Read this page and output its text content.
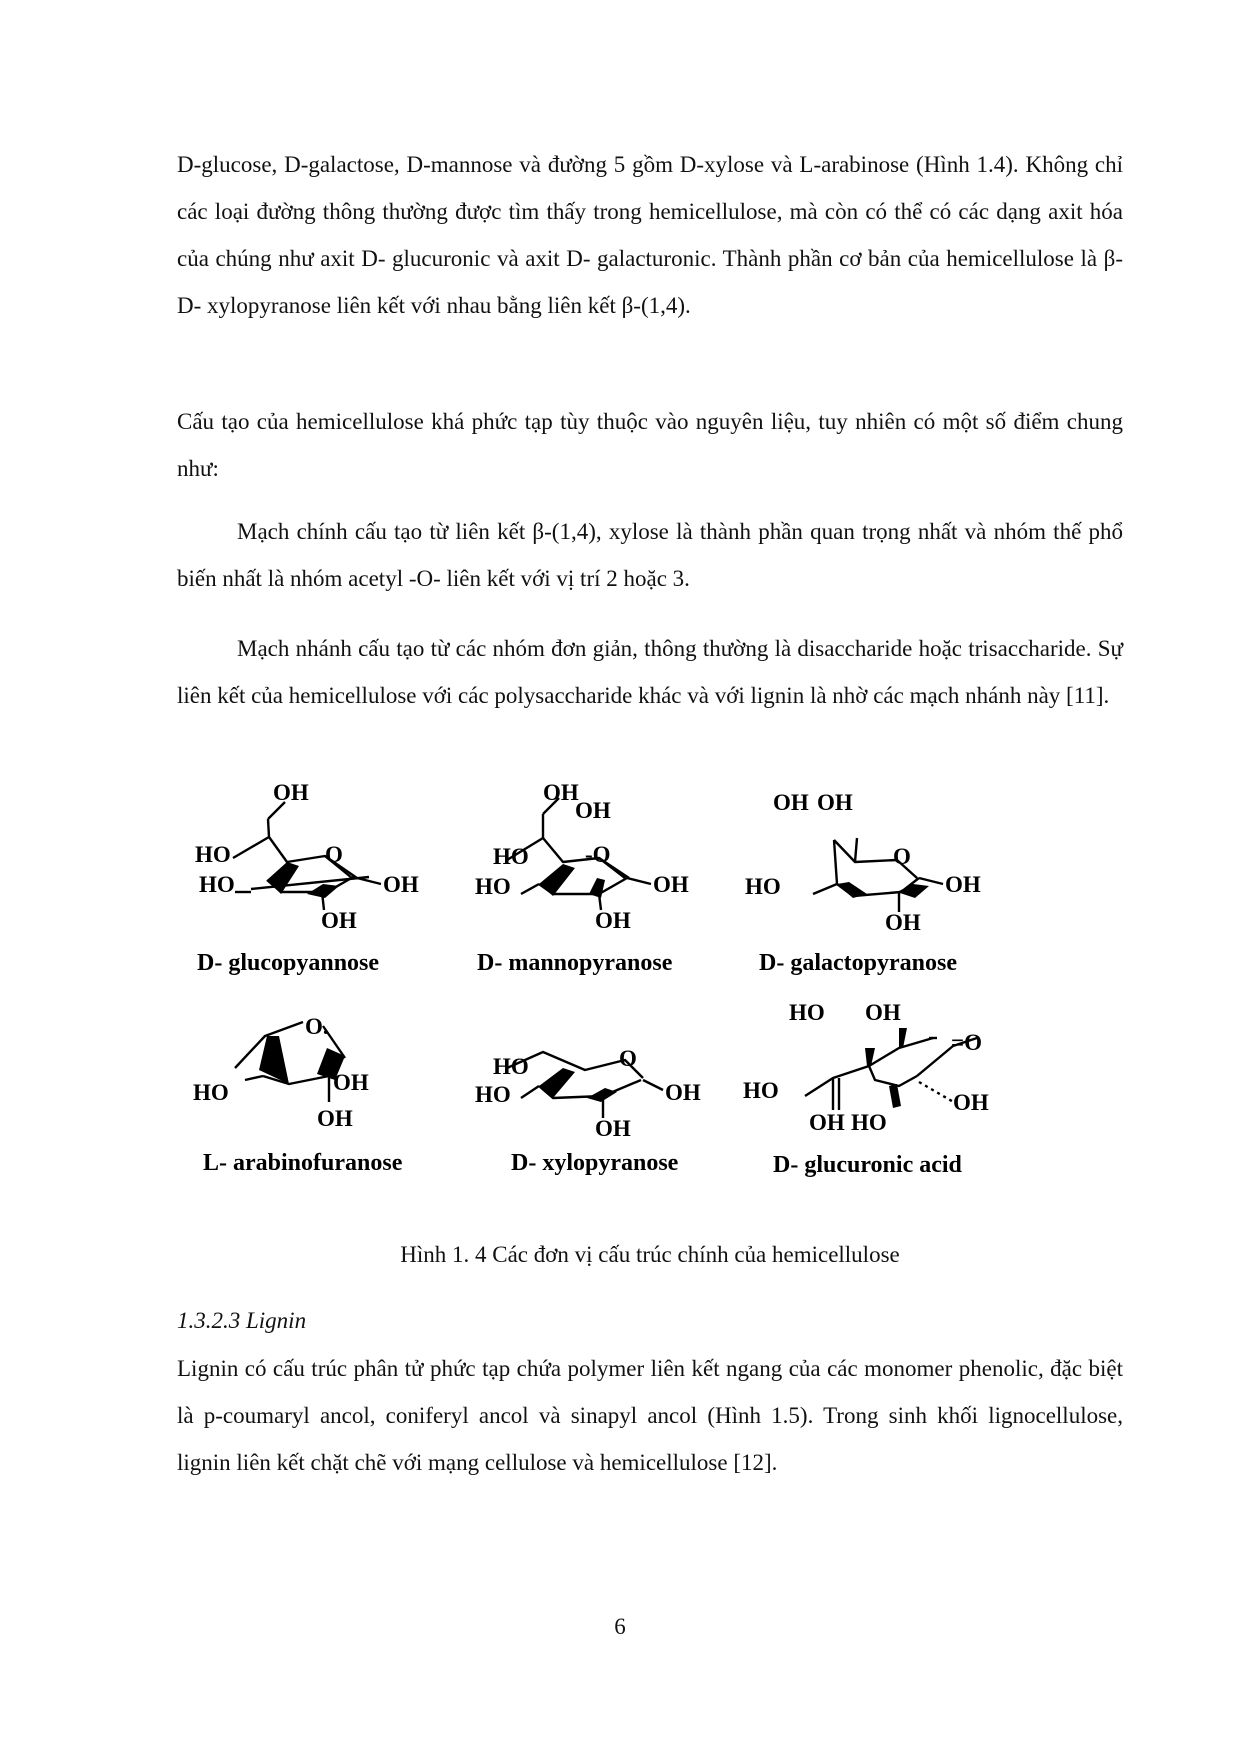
D-glucose, D-galactose, D-mannose và đường 5 gồm D-xylose và L-arabinose (Hình 1.4). Không chỉ các loại đường thông thường được tìm thấy trong hemicellulose, mà còn có thể có các dạng axit hóa của chúng như axit D- glucuronic và axit D- galacturonic. Thành phần cơ bản của hemicellulose là β-D- xylopyranose liên kết với nhau bằng liên kết β-(1,4).

Cấu tạo của hemicellulose khá phức tạp tùy thuộc vào nguyên liệu, tuy nhiên có một số điểm chung như:

Mạch chính cấu tạo từ liên kết β-(1,4), xylose là thành phần quan trọng nhất và nhóm thế phổ biến nhất là nhóm acetyl -O- liên kết với vị trí 2 hoặc 3.

Mạch nhánh cấu tạo từ các nhóm đơn giản, thông thường là disaccharide hoặc trisaccharide. Sự liên kết của hemicellulose với các polysaccharide khác và với lignin là nhờ các mạch nhánh này [11].

OH
HO	O
HO	OH
OH
D- glucopyannose
OH
OH
HO -O
HO	OH
OH
D- mannopyranose
OH OH
O
HO	OH
OH
D- galactopyranose
O.
HO	OH
OH
L- arabinofuranose
HO	O
HO	OH
OH
D- xylopyranose
HO OH
=O
HO	OH
OH HO
D- glucuronic acid
Hình 1. 4 Các đơn vị cấu trúc chính của hemicellulose
1.3.2.3 Lignin

Lignin có cấu trúc phân tử phức tạp chứa polymer liên kết ngang của các monomer phenolic, đặc biệt là p-coumaryl ancol, coniferyl ancol và sinapyl ancol (Hình 1.5). Trong sinh khối lignocellulose, lignin liên kết chặt chẽ với mạng cellulose và hemicellulose [12].

6
